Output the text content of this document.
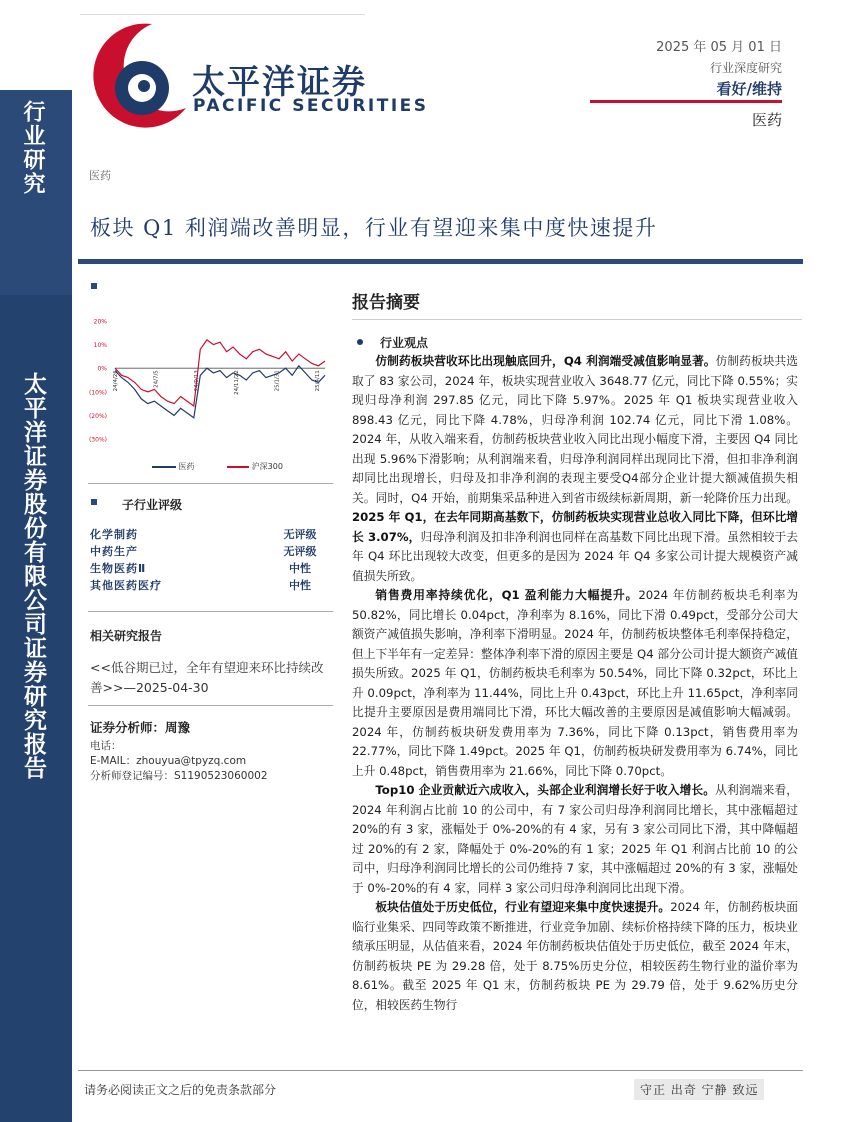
行业研究
太平洋证券股份有限公司证券研究报告
太平洋证券
PACIFIC SECURITIES
2025 年 05 月 01 日
行业深度研究
看好/维持
医药
医药
板块 Q1 利润端改善明显，行业有望迎来集中度快速提升
20%
10%
0%
(10%)
(20%)
(30%)
24/4/26	24/7/5	24/9/13	24/11/22	25/1/31	25/4/11
医药	沪深300
子行业评级
化学制药	无评级
中药生产	无评级
生物医药Ⅱ	中性
其他医药医疗	中性
相关研究报告
<<低谷期已过，全年有望迎来环比持续改善>>—2025-04-30
证券分析师：周豫
电话：
E-MAIL：zhouyua@tpyzq.com
分析师登记编号：S1190523060002
报告摘要
行业观点

仿制药板块营收环比出现触底回升，Q4 利润端受减值影响显著。仿制药板块共选取了 83 家公司，2024 年，板块实现营业收入 3648.77 亿元，同比下降 0.55%；实现归母净利润 297.85 亿元，同比下降 5.97%。2025 年 Q1 板块实现营业收入 898.43 亿元，同比下降 4.78%，归母净利润 102.74 亿元，同比下滑 1.08%。2024 年，从收入端来看，仿制药板块营业收入同比出现小幅度下滑，主要因 Q4 同比出现 5.96%下滑影响；从利润端来看，归母净利润同样出现同比下滑，但扣非净利润却同比出现增长，归母及扣非净利润的表现主要受Q4部分企业计提大额减值损失相关。同时，Q4 开始，前期集采品种进入到省市级续标新周期，新一轮降价压力出现。2025 年 Q1，在去年同期高基数下，仿制药板块实现营业总收入同比下降，但环比增长 3.07%，归母净利润及扣非净利润也同样在高基数下同比出现下滑。虽然相较于去年 Q4 环比出现较大改变，但更多的是因为 2024 年 Q4 多家公司计提大规模资产减值损失所致。

销售费用率持续优化，Q1 盈利能力大幅提升。2024 年仿制药板块毛利率为 50.82%，同比增长 0.04pct，净利率为 8.16%，同比下滑 0.49pct，受部分公司大额资产减值损失影响，净利率下滑明显。2024 年，仿制药板块整体毛利率保持稳定，但上下半年有一定差异：整体净利率下滑的原因主要是 Q4 部分公司计提大额资产减值损失所致。2025 年 Q1，仿制药板块毛利率为 50.54%，同比下降 0.32pct，环比上升 0.09pct，净利率为 11.44%，同比上升 0.43pct，环比上升 11.65pct，净利率同比提升主要原因是费用端同比下滑，环比大幅改善的主要原因是减值影响大幅减弱。2024 年，仿制药板块研发费用率为 7.36%，同比下降 0.13pct，销售费用率为 22.77%，同比下降 1.49pct。2025 年 Q1，仿制药板块研发费用率为 6.74%，同比上升 0.48pct，销售费用率为 21.66%，同比下降 0.70pct。

Top10 企业贡献近六成收入，头部企业利润增长好于收入增长。从利润端来看，2024 年利润占比前 10 的公司中，有 7 家公司归母净利润同比增长，其中涨幅超过 20%的有 3 家，涨幅处于 0%-20%的有 4 家，另有 3 家公司同比下滑，其中降幅超过 20%的有 2 家，降幅处于 0%-20%的有 1 家；2025 年 Q1 利润占比前 10 的公司中，归母净利润同比增长的公司仍维持 7 家，其中涨幅超过 20%的有 3 家，涨幅处于 0%-20%的有 4 家，同样 3 家公司归母净利润同比出现下滑。

板块估值处于历史低位，行业有望迎来集中度快速提升。2024 年，仿制药板块面临行业集采、四同等政策不断推进，行业竞争加剧、续标价格持续下降的压力，板块业绩承压明显，从估值来看，2024 年仿制药板块估值处于历史低位，截至 2024 年末，仿制药板块 PE 为 29.28 倍，处于 8.75%历史分位，相较医药生物行业的溢价率为 8.61%。截至 2025 年 Q1 末，仿制药板块 PE 为 29.79 倍，处于 9.62%历史分位，相较医药生物行

请务必阅读正文之后的免责条款部分	守正 出奇 宁静 致远
